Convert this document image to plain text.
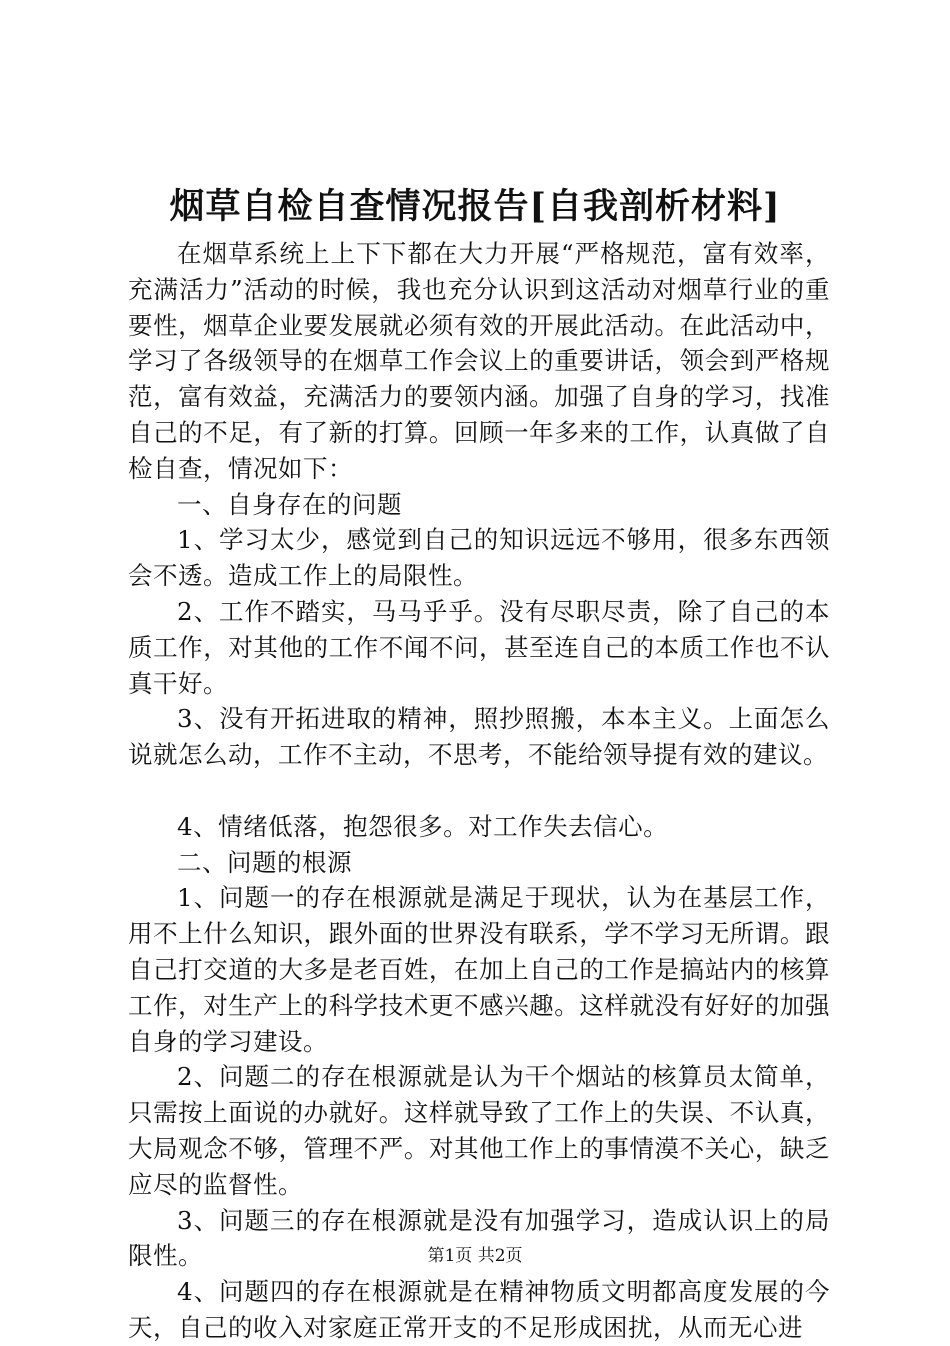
烟草自检自查情况报告[自我剖析材料]

在烟草系统上上下下都在大力开展“严格规范，富有效率，充满活力”活动的时候，我也充分认识到这活动对烟草行业的重要性，烟草企业要发展就必须有效的开展此活动。在此活动中，学习了各级领导的在烟草工作会议上的重要讲话，领会到严格规范，富有效益，充满活力的要领内涵。加强了自身的学习，找准自己的不足，有了新的打算。回顾一年多来的工作，认真做了自检自查，情况如下：

一、自身存在的问题

1、学习太少，感觉到自己的知识远远不够用，很多东西领会不透。造成工作上的局限性。

2、工作不踏实，马马乎乎。没有尽职尽责，除了自己的本质工作，对其他的工作不闻不问，甚至连自己的本质工作也不认真干好。

3、没有开拓进取的精神，照抄照搬，本本主义。上面怎么说就怎么动，工作不主动，不思考，不能给领导提有效的建议。

4、情绪低落，抱怨很多。对工作失去信心。

二、问题的根源

1、问题一的存在根源就是满足于现状，认为在基层工作，用不上什么知识，跟外面的世界没有联系，学不学习无所谓。跟自己打交道的大多是老百姓，在加上自己的工作是搞站内的核算工作，对生产上的科学技术更不感兴趣。这样就没有好好的加强自身的学习建设。

2、问题二的存在根源就是认为干个烟站的核算员太简单，只需按上面说的办就好。这样就导致了工作上的失误、不认真，大局观念不够，管理不严。对其他工作上的事情漠不关心，缺乏应尽的监督性。

3、问题三的存在根源就是没有加强学习，造成认识上的局限性。

4、问题四的存在根源就是在精神物质文明都高度发展的今天，自己的收入对家庭正常开支的不足形成困扰，从而无心进

第1页 共2页
